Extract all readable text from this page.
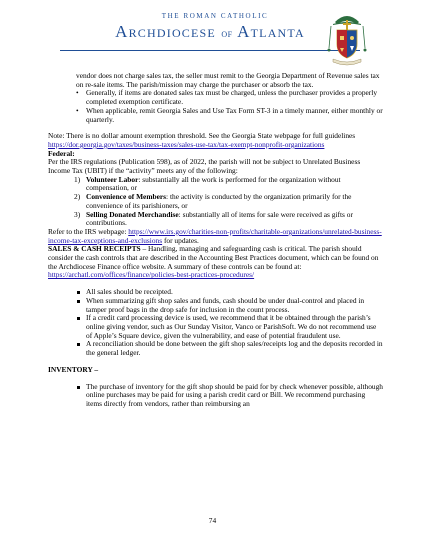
THE ROMAN CATHOLIC
Archdiocese of Atlanta

vendor does not charge sales tax, the seller must remit to the Georgia Department of Revenue sales tax on re-sale items. The parish/mission may charge the purchaser or absorb the tax.

• Generally, if items are donated sales tax must be charged, unless the purchaser provides a properly completed exemption certificate.
• When applicable, remit Georgia Sales and Use Tax Form ST-3 in a timely manner, either monthly or quarterly.

Note: There is no dollar amount exemption threshold. See the Georgia State webpage for full guidelines https://dor.georgia.gov/taxes/business-taxes/sales-use-tax/tax-exempt-nonprofit-organizations

Federal:

Per the IRS regulations (Publication 598), as of 2022, the parish will not be subject to Unrelated Business Income Tax (UBIT) if the “activity” meets any of the following:

1) Volunteer Labor: substantially all the work is performed for the organization without compensation, or
2) Convenience of Members: the activity is conducted by the organization primarily for the convenience of its parishioners, or
3) Selling Donated Merchandise: substantially all of items for sale were received as gifts or contributions.

Refer to the IRS webpage: https://www.irs.gov/charities-non-profits/charitable-organizations/unrelated-business-income-tax-exceptions-and-exclusions for updates.

SALES & CASH RECEIPTS – Handling, managing and safeguarding cash is critical. The parish should consider the cash controls that are described in the Accounting Best Practices document, which can be found on the Archdiocese Finance office website. A summary of these controls can be found at:

https://archatl.com/offices/finance/policies-best-practices-procedures/

All sales should be receipted.
When summarizing gift shop sales and funds, cash should be under dual-control and placed in tamper proof bags in the drop safe for inclusion in the count process.
If a credit card processing device is used, we recommend that it be obtained through the parish’s online giving vendor, such as Our Sunday Visitor, Vanco or ParishSoft. We do not recommend use of Apple’s Square device, given the vulnerability, and ease of potential fraudulent use.
A reconciliation should be done between the gift shop sales/receipts log and the deposits recorded in the general ledger.

INVENTORY –

The purchase of inventory for the gift shop should be paid for by check whenever possible, although online purchases may be paid for using a parish credit card or Bill. We recommend purchasing items directly from vendors, rather than reimbursing an
74
